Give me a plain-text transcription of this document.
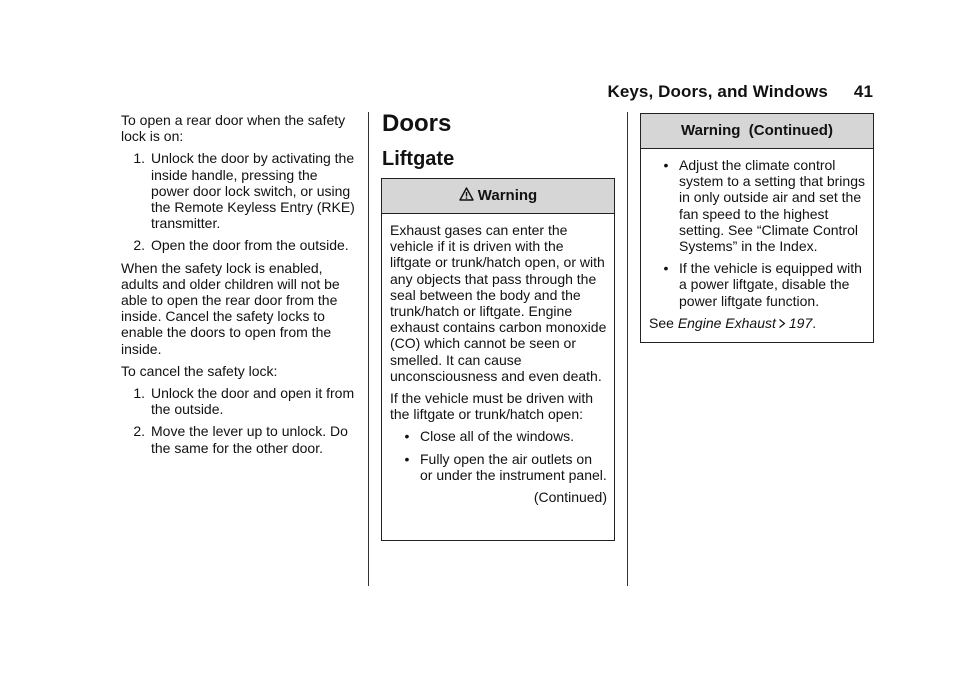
Keys, Doors, and Windows 41

To open a rear door when the safety lock is on:

1. Unlock the door by activating the inside handle, pressing the power door lock switch, or using the Remote Keyless Entry (RKE) transmitter.
2. Open the door from the outside.

When the safety lock is enabled, adults and older children will not be able to open the rear door from the inside. Cancel the safety locks to enable the doors to open from the inside.

To cancel the safety lock:

1. Unlock the door and open it from the outside.
2. Move the lever up to unlock. Do the same for the other door.
Doors
Liftgate
Warning

Exhaust gases can enter the vehicle if it is driven with the liftgate or trunk/hatch open, or with any objects that pass through the seal between the body and the trunk/hatch or liftgate. Engine exhaust contains carbon monoxide (CO) which cannot be seen or smelled. It can cause unconsciousness and even death.

If the vehicle must be driven with the liftgate or trunk/hatch open:

• Close all of the windows.
• Fully open the air outlets on or under the instrument panel.

(Continued)

Warning  (Continued)
• Adjust the climate control system to a setting that brings in only outside air and set the fan speed to the highest setting. See “Climate Control Systems” in the Index.
• If the vehicle is equipped with a power liftgate, disable the power liftgate function.

See Engine Exhaust 197.
